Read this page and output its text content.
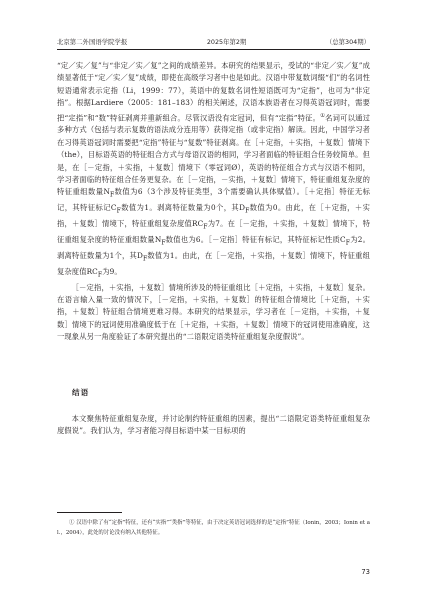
北京第二外国语学院学报	2025年第2期	（总第304期）

“定／实／复”与“非定／实／复”之间的成绩差异。本研究的结果显示，受试的“非定／实／复”成绩显著低于“定／实／复”成绩，即使在高级学习者中也是如此。汉语中带复数词缀“们”的名词性短语通常表示定指（Li，1999：77），英语中的复数名词性短语既可为“定指”，也可为“非定指”。根据Lardiere（2005：181–183）的相关阐述，汉语本族语者在习得英语冠词时，需要把“定指”和“数”特征剥离并重新组合。尽管汉语没有定冠词，但有“定指”特征。①名词可以通过多种方式（包括与表示复数的语法成分连用等）获得定指（或非定指）解读。因此，中国学习者在习得英语冠词时需要把“定指”特征与“复数”特征剥离。在［＋定指，＋实指，＋复数］情境下（the），目标语英语的特征组合方式与母语汉语的相同，学习者面临的特征组合任务较简单。但是，在［－定指，＋实指，＋复数］情境下（零冠词Ø），英语的特征组合方式与汉语不相同，学习者面临的特征组合任务更复杂。在［－定指，－实指，＋复数］情境下，特征重组复杂度的特征重组数量$N_F$数值为6（3个涉及特征类型，3个需要确认具体赋值）。［＋定指］特征无标记，其特征标记$C_F$数值为1。剥离特征数量为0个，其$D_F$数值为0。由此，在［＋定指，＋实指，＋复数］情境下，特征重组复杂度值$RC_F$为7。在［－定指，＋实指，＋复数］情境下，特征重组复杂度的特征重组数量$N_F$数值也为6。［－定指］特征有标记，其特征标记性质$C_F$为2。剥离特征数量为1个，其$D_F$数值为1。由此，在［－定指，＋实指，＋复数］情境下，特征重组复杂度值$RC_F$为9。

［－定指，＋实指，＋复数］情境所涉及的特征重组比［＋定指，＋实指，＋复数］复杂。在语言输入量一致的情况下，［－定指，＋实指，＋复数］的特征组合情境比［＋定指，＋实指，＋复数］特征组合情境更难习得。本研究的结果显示，学习者在［－定指，＋实指，＋复数］情境下的冠词使用准确度低于在［＋定指，＋实指，＋复数］情境下的冠词使用准确度，这一现象从另一角度验证了本研究提出的“二语限定语类特征重组复杂度假说”。

结语

本文聚焦特征重组复杂度，并讨论制约特征重组的因素，提出“二语限定语类特征重组复杂度假说”。我们认为，学习者能习得目标语中某一目标项的

① 汉语中除了有“定指”特征，还有“实指”“类指”等特征，由于决定英语冠词选择的是“定指”特征（Ionin，2003；Ionin et al.，2004），此处的讨论没有纳入其他特征。

73
